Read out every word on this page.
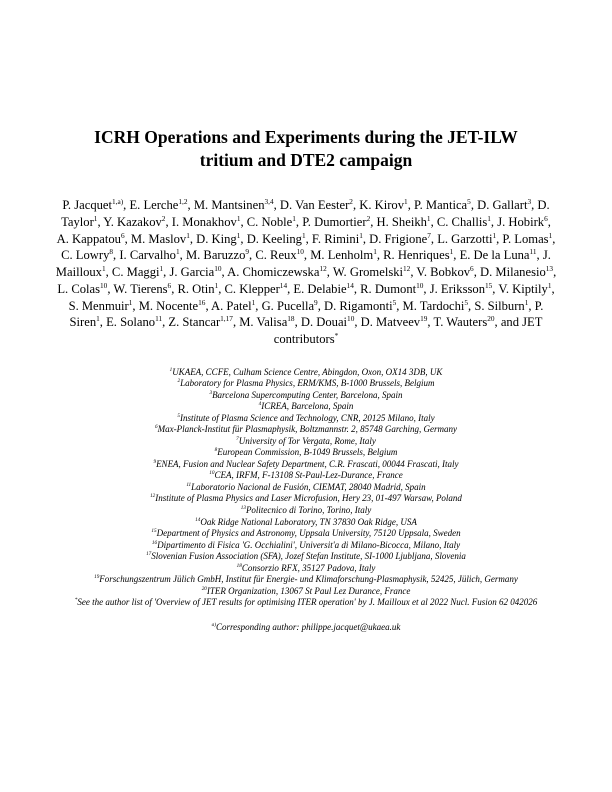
ICRH Operations and Experiments during the JET-ILW
tritium and DTE2 campaign
P. Jacquet$^{1,a)}$, E. Lerche$^{1,2}$, M. Mantsinen$^{3,4}$, D. Van Eester$^2$, K. Kirov$^1$, P. Mantica$^5$, D. Gallart$^3$, D. Taylor$^1$, Y. Kazakov$^2$, I. Monakhov$^1$, C. Noble$^1$, P. Dumortier$^2$, H. Sheikh$^1$, C. Challis$^1$, J. Hobirk$^6$, A. Kappatou$^6$, M. Maslov$^1$, D. King$^1$, D. Keeling$^1$, F. Rimini$^1$, D. Frigione$^7$, L. Garzotti$^1$, P. Lomas$^1$, C. Lowry$^8$, I. Carvalho$^1$, M. Baruzzo$^9$, C. Reux$^{10}$, M. Lenholm$^1$, R. Henriques$^1$, E. De la Luna$^{11}$, J. Mailloux$^1$, C. Maggi$^1$, J. Garcia$^{10}$, A. Chomiczewska$^{12}$, W. Gromelski$^{12}$, V. Bobkov$^6$, D. Milanesio$^{13}$, L. Colas$^{10}$, W. Tierens$^6$, R. Otin$^1$, C. Klepper$^{14}$, E. Delabie$^{14}$, R. Dumont$^{10}$, J. Eriksson$^{15}$, V. Kiptily$^1$, S. Menmuir$^1$, M. Nocente$^{16}$, A. Patel$^1$, G. Pucella$^9$, D. Rigamonti$^5$, M. Tardochi$^5$, S. Silburn$^1$, P. Siren$^1$, E. Solano$^{11}$, Z. Stancar$^{1,17}$, M. Valisa$^{18}$, D. Douai$^{10}$, D. Matveev$^{19}$, T. Wauters$^{20}$, and JET contributors*
$^1$UKAEA, CCFE, Culham Science Centre, Abingdon, Oxon, OX14 3DB, UK
$^2$Laboratory for Plasma Physics, ERM/KMS, B-1000 Brussels, Belgium
$^3$Barcelona Supercomputing Center, Barcelona, Spain
$^4$ICREA, Barcelona, Spain
$^5$Institute of Plasma Science and Technology, CNR, 20125 Milano, Italy
$^6$Max-Planck-Institut für Plasmaphysik, Boltzmannstr. 2, 85748 Garching, Germany
$^7$University of Tor Vergata, Rome, Italy
$^8$European Commission, B-1049 Brussels, Belgium
$^9$ENEA, Fusion and Nuclear Safety Department, C.R. Frascati, 00044 Frascati, Italy
$^{10}$CEA, IRFM, F-13108 St-Paul-Lez-Durance, France
$^{11}$Laboratorio Nacional de Fusión, CIEMAT, 28040 Madrid, Spain
$^{12}$Institute of Plasma Physics and Laser Microfusion, Hery 23, 01-497 Warsaw, Poland
$^{13}$Politecnico di Torino, Torino, Italy
$^{14}$Oak Ridge National Laboratory, TN 37830 Oak Ridge, USA
$^{15}$Department of Physics and Astronomy, Uppsala University, 75120 Uppsala, Sweden
$^{16}$Dipartimento di Fisica 'G. Occhialini', Universit'a di Milano-Bicocca, Milano, Italy
$^{17}$Slovenian Fusion Association (SFA), Jozef Stefan Institute, SI-1000 Ljubljana, Slovenia
$^{18}$Consorzio RFX, 35127 Padova, Italy
$^{19}$Forschungszentrum Jülich GmbH, Institut für Energie- und Klimaforschung-Plasmaphysik, 52425, Jülich, Germany
$^{20}$ITER Organization, 13067 St Paul Lez Durance, France
*See the author list of 'Overview of JET results for optimising ITER operation' by J. Mailloux et al 2022 Nucl. Fusion 62 042026
$^{a)}$Corresponding author: philippe.jacquet@ukaea.uk
